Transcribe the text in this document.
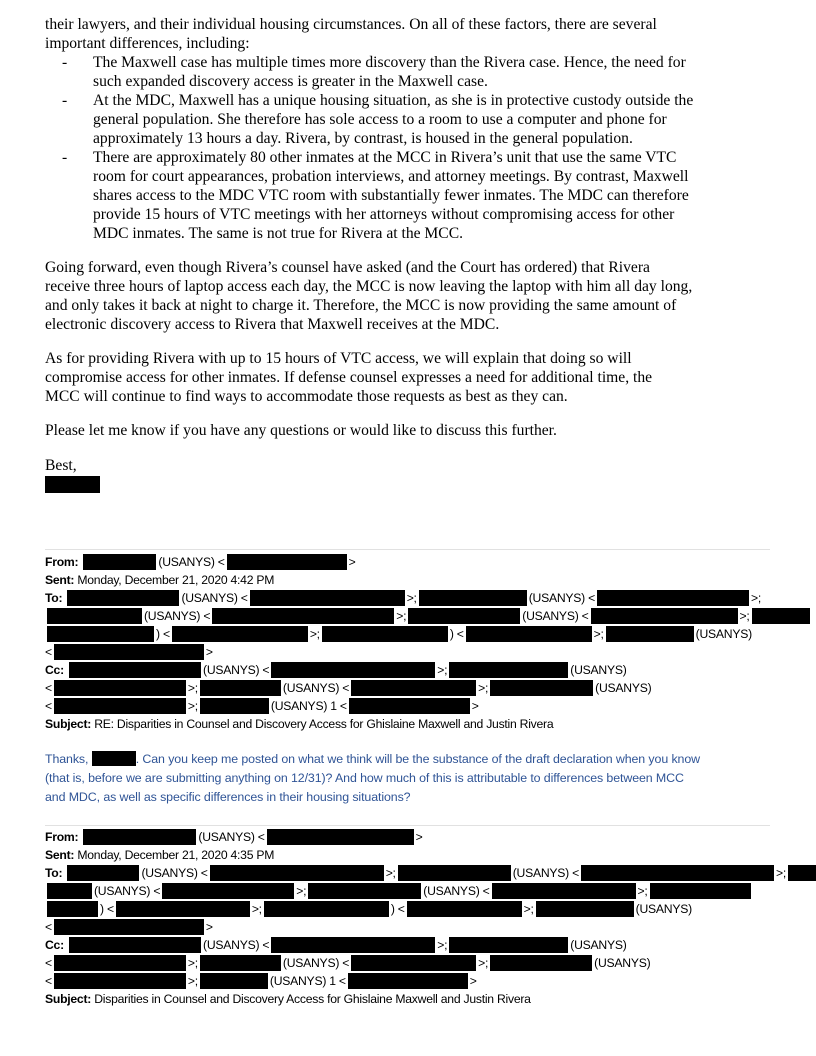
their lawyers, and their individual housing circumstances. On all of these factors, there are several
important differences, including:
- The Maxwell case has multiple times more discovery than the Rivera case. Hence, the need for
such expanded discovery access is greater in the Maxwell case.
- At the MDC, Maxwell has a unique housing situation, as she is in protective custody outside the
general population. She therefore has sole access to a room to use a computer and phone for
approximately 13 hours a day. Rivera, by contrast, is housed in the general population.
- There are approximately 80 other inmates at the MCC in Rivera’s unit that use the same VTC
room for court appearances, probation interviews, and attorney meetings. By contrast, Maxwell
shares access to the MDC VTC room with substantially fewer inmates. The MDC can therefore
provide 15 hours of VTC meetings with her attorneys without compromising access for other
MDC inmates. The same is not true for Rivera at the MCC.
Going forward, even though Rivera’s counsel have asked (and the Court has ordered) that Rivera
receive three hours of laptop access each day, the MCC is now leaving the laptop with him all day long,
and only takes it back at night to charge it. Therefore, the MCC is now providing the same amount of
electronic discovery access to Rivera that Maxwell receives at the MDC.
As for providing Rivera with up to 15 hours of VTC access, we will explain that doing so will
compromise access for other inmates. If defense counsel expresses a need for additional time, the
MCC will continue to find ways to accommodate those requests as best as they can.
Please let me know if you have any questions or would like to discuss this further.
Best,
From:	(USANYS) <	>
Sent: Monday, December 21, 2020 4:42 PM
To:	(USANYS) <	>;	(USANYS) <	>;
(USANYS) <	>;	(USANYS) <	>;
) <	>;	) <	>;	(USANYS)
<	>
Cc:	(USANYS) <	>;	(USANYS)
<	>;	(USANYS) <	>;	(USANYS)
<	>;	(USANYS) 1 <	>
Subject: RE: Disparities in Counsel and Discovery Access for Ghislaine Maxwell and Justin Rivera
Thanks,	. Can you keep me posted on what we think will be the substance of the draft declaration when you know
(that is, before we are submitting anything on 12/31)? And how much of this is attributable to differences between MCC
and MDC, as well as specific differences in their housing situations?
From:	(USANYS) <	>
Sent: Monday, December 21, 2020 4:35 PM
To:	(USANYS) <	>;	(USANYS) <	>;
(USANYS) <	>;	(USANYS) <	>;
) <	>;	) <	>;	(USANYS)
<	>
Cc:	(USANYS) <	>;	(USANYS)
<	>;	(USANYS) <	>;	(USANYS)
<	>;	(USANYS) 1 <	>
Subject: Disparities in Counsel and Discovery Access for Ghislaine Maxwell and Justin Rivera
